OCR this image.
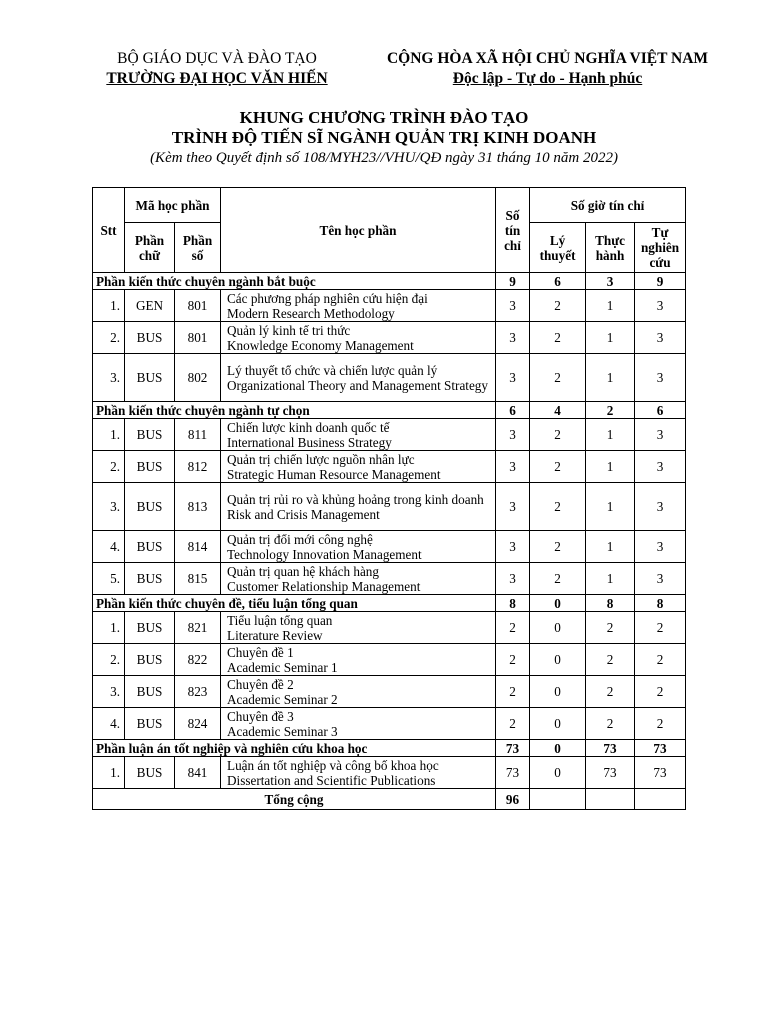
BỘ GIÁO DỤC VÀ ĐÀO TẠO
TRƯỜNG ĐẠI HỌC VĂN HIẾN
CỘNG HÒA XÃ HỘI CHỦ NGHĨA VIỆT NAM
Độc lập - Tự do - Hạnh phúc
KHUNG CHƯƠNG TRÌNH ĐÀO TẠO
TRÌNH ĐỘ TIẾN SĨ NGÀNH QUẢN TRỊ KINH DOANH
(Kèm theo Quyết định số 108/MYH23//VHU/QĐ ngày 31 tháng 10 năm 2022)
Stt	Mã học phần		Tên học phần	Số tín chỉ	Số giờ tín chỉ		
	Phần chữ	Phần số			Lý thuyết	Thực hành	Tự nghiên cứu
Phần kiến thức chuyên ngành bắt buộc				9	6	3	9
1.	GEN	801	Các phương pháp nghiên cứu hiện đại
Modern Research Methodology	3	2	1	3
2.	BUS	801	Quản lý kinh tế tri thức
Knowledge Economy Management	3	2	1	3
3.	BUS	802	Lý thuyết tổ chức và chiến lược quản lý
Organizational Theory and Management Strategy	3	2	1	3
Phần kiến thức chuyên ngành tự chọn				6	4	2	6
1.	BUS	811	Chiến lược kinh doanh quốc tế
International Business Strategy	3	2	1	3
2.	BUS	812	Quản trị chiến lược nguồn nhân lực
Strategic Human Resource Management	3	2	1	3
3.	BUS	813	Quản trị rủi ro và khủng hoảng trong kinh doanh
Risk and Crisis Management	3	2	1	3
4.	BUS	814	Quản trị đổi mới công nghệ
Technology Innovation Management	3	2	1	3
5.	BUS	815	Quản trị quan hệ khách hàng
Customer Relationship Management	3	2	1	3
Phần kiến thức chuyên đề, tiểu luận tổng quan				8	0	8	8
1.	BUS	821	Tiểu luận tổng quan
Literature Review	2	0	2	2
2.	BUS	822	Chuyên đề 1
Academic Seminar 1	2	0	2	2
3.	BUS	823	Chuyên đề 2
Academic Seminar 2	2	0	2	2
4.	BUS	824	Chuyên đề 3
Academic Seminar 3	2	0	2	2
Phần luận án tốt nghiệp và nghiên cứu khoa học				73	0	73	73
1.	BUS	841	Luận án tốt nghiệp và công bố khoa học
Dissertation and Scientific Publications	73	0	73	73
Tổng cộng				96			
